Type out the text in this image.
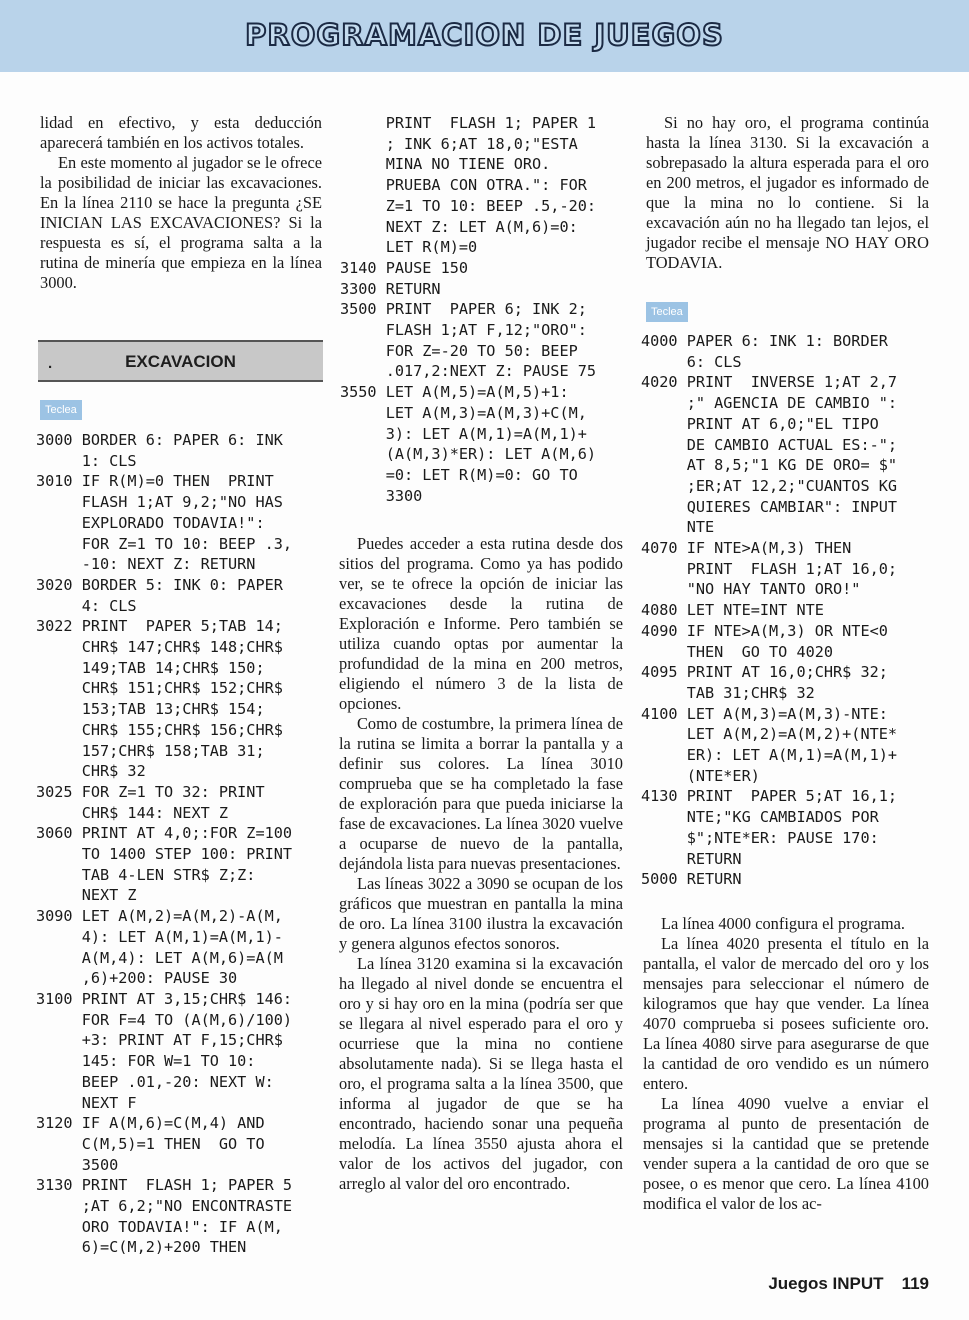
PROGRAMACION DE JUEGOS

lidad en efectivo, y esta deducción aparecerá también en los activos totales.

En este momento al jugador se le ofrece la posibilidad de iniciar las excavaciones. En la línea 2110 se hace la pregunta ¿SE INICIAN LAS EXCAVACIONES? Si la respuesta es sí, el programa salta a la rutina de minería que empieza en la línea 3000.

.	EXCAVACION
Teclea
3000 BORDER 6: PAPER 6: INK
1: CLS
3010 IF R(M)=0 THEN  PRINT
FLASH 1;AT 9,2;"NO HAS
EXPLORADO TODAVIA!":
FOR Z=1 TO 10: BEEP .3,
-10: NEXT Z: RETURN
3020 BORDER 5: INK 0: PAPER
4: CLS
3022 PRINT  PAPER 5;TAB 14;
CHR$ 147;CHR$ 148;CHR$
149;TAB 14;CHR$ 150;
CHR$ 151;CHR$ 152;CHR$
153;TAB 13;CHR$ 154;
CHR$ 155;CHR$ 156;CHR$
157;CHR$ 158;TAB 31;
CHR$ 32
3025 FOR Z=1 TO 32: PRINT
CHR$ 144: NEXT Z
3060 PRINT AT 4,0;:FOR Z=100
TO 1400 STEP 100: PRINT
TAB 4-LEN STR$ Z;Z:
NEXT Z
3090 LET A(M,2)=A(M,2)-A(M,
4): LET A(M,1)=A(M,1)-
A(M,4): LET A(M,6)=A(M
,6)+200: PAUSE 30
3100 PRINT AT 3,15;CHR$ 146:
FOR F=4 TO (A(M,6)/100)
+3: PRINT AT F,15;CHR$
145: FOR W=1 TO 10:
BEEP .01,-20: NEXT W:
NEXT F
3120 IF A(M,6)=C(M,4) AND
C(M,5)=1 THEN  GO TO
3500
3130 PRINT  FLASH 1; PAPER 5
;AT 6,2;"NO ENCONTRASTE
ORO TODAVIA!": IF A(M,
6)=C(M,2)+200 THEN
PRINT  FLASH 1; PAPER 1
; INK 6;AT 18,0;"ESTA
MINA NO TIENE ORO.
PRUEBA CON OTRA.": FOR
Z=1 TO 10: BEEP .5,-20:
NEXT Z: LET A(M,6)=0:
LET R(M)=0
3140 PAUSE 150
3300 RETURN
3500 PRINT  PAPER 6; INK 2;
FLASH 1;AT F,12;"ORO":
FOR Z=-20 TO 50: BEEP
.017,2:NEXT Z: PAUSE 75
3550 LET A(M,5)=A(M,5)+1:
LET A(M,3)=A(M,3)+C(M,
3): LET A(M,1)=A(M,1)+
(A(M,3)*ER): LET A(M,6)
=0: LET R(M)=0: GO TO
3300

Puedes acceder a esta rutina desde dos sitios del programa. Como ya has podido ver, se te ofrece la opción de iniciar las excavaciones desde la rutina de Exploración e Informe. Pero también se utiliza cuando optas por aumentar la profundidad de la mina en 200 metros, eligiendo el número 3 de la lista de opciones.

Como de costumbre, la primera línea de la rutina se limita a borrar la pantalla y a definir sus colores. La línea 3010 comprueba que se ha completado la fase de exploración para que pueda iniciarse la fase de excavaciones. La línea 3020 vuelve a ocuparse de nuevo de la pantalla, dejándola lista para nuevas presentaciones.

Las líneas 3022 a 3090 se ocupan de los gráficos que muestran en pantalla la mina de oro. La línea 3100 ilustra la excavación y genera algunos efectos sonoros.

La línea 3120 examina si la excavación ha llegado al nivel donde se encuentra el oro y si hay oro en la mina (podría ser que se llegara al nivel esperado para el oro y ocurriese que la mina no contiene absolutamente nada). Si se llega hasta el oro, el programa salta a la línea 3500, que informa al jugador de que se ha encontrado, haciendo sonar una pequeña melodía. La línea 3550 ajusta ahora el valor de los activos del jugador, con arreglo al valor del oro encontrado.

Si no hay oro, el programa continúa hasta la línea 3130. Si la excavación a sobrepasado la altura esperada para el oro en 200 metros, el jugador es informado de que la mina no lo contiene. Si la excavación aún no ha llegado tan lejos, el jugador recibe el mensaje NO HAY ORO TODAVIA.

Teclea
4000 PAPER 6: INK 1: BORDER
6: CLS
4020 PRINT  INVERSE 1;AT 2,7
;" AGENCIA DE CAMBIO ":
PRINT AT 6,0;"EL TIPO
DE CAMBIO ACTUAL ES:-";
AT 8,5;"1 KG DE ORO= $"
;ER;AT 12,2;"CUANTOS KG
QUIERES CAMBIAR": INPUT
NTE
4070 IF NTE>A(M,3) THEN
PRINT  FLASH 1;AT 16,0;
"NO HAY TANTO ORO!"
4080 LET NTE=INT NTE
4090 IF NTE>A(M,3) OR NTE<0
THEN  GO TO 4020
4095 PRINT AT 16,0;CHR$ 32;
TAB 31;CHR$ 32
4100 LET A(M,3)=A(M,3)-NTE:
LET A(M,2)=A(M,2)+(NTE*
ER): LET A(M,1)=A(M,1)+
(NTE*ER)
4130 PRINT  PAPER 5;AT 16,1;
NTE;"KG CAMBIADOS POR
$";NTE*ER: PAUSE 170:
RETURN
5000 RETURN

La línea 4000 configura el programa.

La línea 4020 presenta el título en la pantalla, el valor de mercado del oro y los mensajes para seleccionar el número de kilogramos que hay que vender. La línea 4070 comprueba si posees suficiente oro. La línea 4080 sirve para asegurarse de que la cantidad de oro vendido es un número entero.

La línea 4090 vuelve a enviar el programa al punto de presentación de mensajes si la cantidad que se pretende vender supera a la cantidad de oro que se posee, o es menor que cero. La línea 4100 modifica el valor de los ac-

Juegos INPUT 119
